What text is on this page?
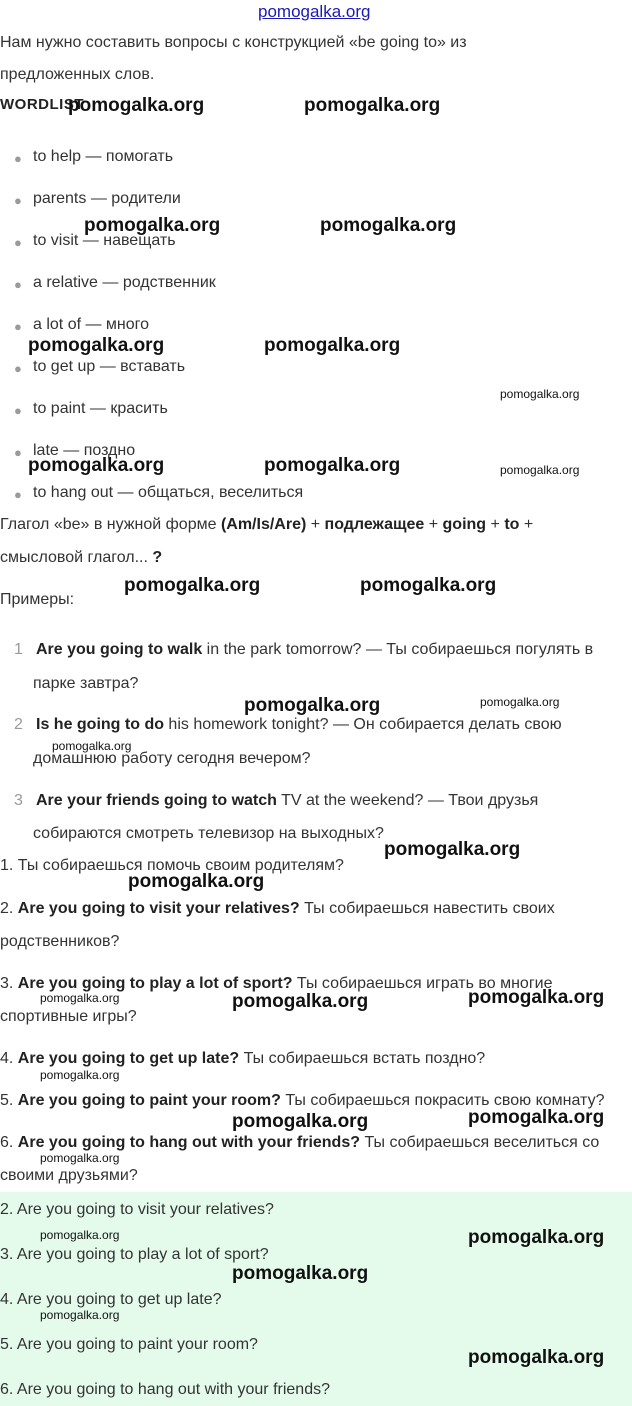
pomogalka.org
Нам нужно составить вопросы с конструкцией «be going to» из
предложенных слов.
WORDLIST
● to help — помогать
● parents — родители
● to visit — навещать
● a relative — родственник
● a lot of — много
● to get up — вставать
● to paint — красить
● late — поздно
● to hang out — общаться, веселиться
Глагол «be» в нужной форме (Am/Is/Are) + подлежащее + going + to +
смысловой глагол... ?
Примеры:
1 Are you going to walk in the park tomorrow? — Ты собираешься погулять в
парке завтра?
2 Is he going to do his homework tonight? — Он собирается делать свою
домашнюю работу сегодня вечером?
3 Are your friends going to watch TV at the weekend? — Твои друзья
собираются смотреть телевизор на выходных?
1. Ты собираешься помочь своим родителям?
2. Are you going to visit your relatives? Ты собираешься навестить своих
родственников?
3. Are you going to play a lot of sport? Ты собираешься играть во многие
спортивные игры?
4. Are you going to get up late? Ты собираешься встать поздно?
5. Are you going to paint your room? Ты собираешься покрасить свою комнату?
6. Are you going to hang out with your friends? Ты собираешься веселиться со
своими друзьями?
2. Are you going to visit your relatives?
3. Are you going to play a lot of sport?
4. Are you going to get up late?
5. Are you going to paint your room?
6. Are you going to hang out with your friends?
pomogalka.org	pomogalka.org
pomogalka.org	pomogalka.org
pomogalka.org	pomogalka.org
pomogalka.org
pomogalka.org	pomogalka.org	pomogalka.org
pomogalka.org	pomogalka.org
pomogalka.org	pomogalka.org
pomogalka.org
pomogalka.org
pomogalka.org
pomogalka.org	pomogalka.org	pomogalka.org
pomogalka.org
pomogalka.org	pomogalka.org
pomogalka.org
pomogalka.org	pomogalka.org
pomogalka.org
pomogalka.org
pomogalka.org
